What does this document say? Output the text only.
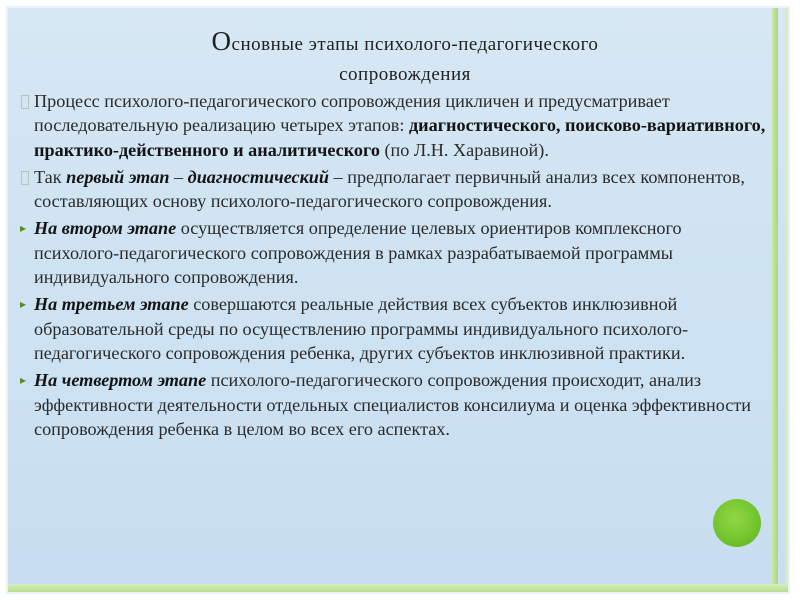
Основные этапы психолого-педагогического
сопровождения
Процесс психолого-педагогического сопровождения цикличен и предусматривает последовательную реализацию четырех этапов: диагностического, поисково-вариативного, практико-действенного и аналитического (по Л.Н. Харавиной).
Так первый этап – диагностический – предполагает первичный анализ всех компонентов, составляющих основу психолого-педагогического сопровождения.
▸ На втором этапе осуществляется определение целевых ориентиров комплексного психолого-педагогического сопровождения в рамках разрабатываемой программы индивидуального сопровождения.
▸ На третьем этапе совершаются реальные действия всех субъектов инклюзивной образовательной среды по осуществлению программы индивидуального психолого-педагогического сопровождения ребенка, других субъектов инклюзивной практики.
▸ На четвертом этапе психолого-педагогического сопровождения происходит, анализ эффективности деятельности отдельных специалистов консилиума и оценка эффективности сопровождения ребенка в целом во всех его аспектах.
